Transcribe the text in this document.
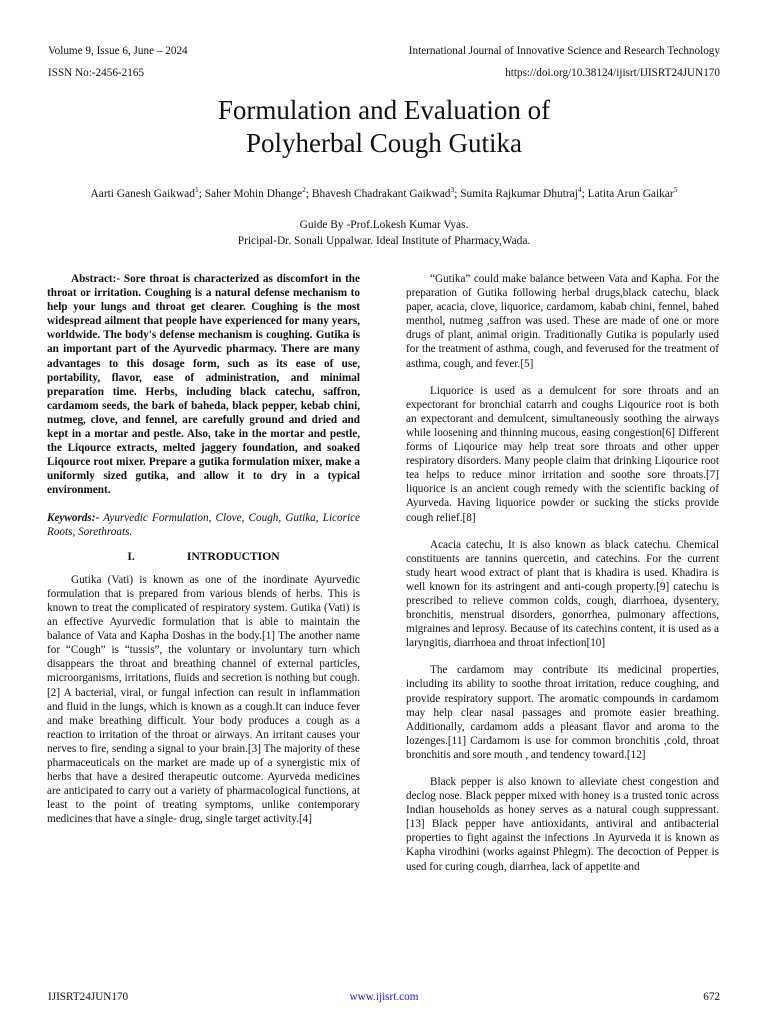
Volume 9, Issue 6, June – 2024	International Journal of Innovative Science and Research Technology
ISSN No:-2456-2165	https://doi.org/10.38124/ijisrt/IJISRT24JUN170
Formulation and Evaluation of
Polyherbal Cough Gutika
Aarti Ganesh Gaikwad$^1$; Saher Mohin Dhange$^2$; Bhavesh Chadrakant Gaikwad$^3$; Sumita Rajkumar Dhutraj$^4$; Latita Arun Gaikar$^5$
Guide By -Prof.Lokesh Kumar Vyas.
Pricipal-Dr. Sonali Uppalwar. Ideal Institute of Pharmacy,Wada.

Abstract:- Sore throat is characterized as discomfort in the throat or irritation. Coughing is a natural defense mechanism to help your lungs and throat get clearer. Coughing is the most widespread ailment that people have experienced for many years, worldwide. The body's defense mechanism is coughing. Gutika is an important part of the Ayurvedic pharmacy. There are many advantages to this dosage form, such as its ease of use, portability, flavor, ease of administration, and minimal preparation time. Herbs, including black catechu, saffron, cardamom seeds, the bark of baheda, black pepper, kebab chini, nutmeg, clove, and fennel, are carefully ground and dried and kept in a mortar and pestle. Also, take in the mortar and pestle, the Liqource extracts, melted jaggery foundation, and soaked Liqource root mixer. Prepare a gutika formulation mixer, make a uniformly sized gutika, and allow it to dry in a typical environment.

Keywords:- Ayurvedic Formulation, Clove, Cough, Gutika, Licorice Roots, Sorethroats.

I.	INTRODUCTION

Gutika (Vati) is known as one of the inordinate Ayurvedic formulation that is prepared from various blends of herbs. This is known to treat the complicated of respiratory system. Gutika (Vati) is an effective Ayurvedic formulation that is able to maintain the balance of Vata and Kapha Doshas in the body.[1] The another name for “Cough” is “tussis”, the voluntary or involuntary turn which disappears the throat and breathing channel of external particles, microorganisms, irritations, fluids and secretion is nothing but cough.[2] A bacterial, viral, or fungal infection can result in inflammation and fluid in the lungs, which is known as a cough.It can induce fever and make breathing difficult. Your body produces a cough as a reaction to irritation of the throat or airways. An irritant causes your nerves to fire, sending a signal to your brain.[3] The majority of these pharmaceuticals on the market are made up of a synergistic mix of herbs that have a desired therapeutic outcome. Ayurveda medicines are anticipated to carry out a variety of pharmacological functions, at least to the point of treating symptoms, unlike contemporary medicines that have a single- drug, single target activity.[4]

“Gutika” could make balance between Vata and Kapha. For the preparation of Gutika following herbal drugs,black catechu, black paper, acacia, clove, liquorice, cardamom, kabab chini, fennel, bahed menthol, nutmeg ,saffron was used. These are made of one or more drugs of plant, animal origin. Traditionally Gutika is popularly used for the treatment of asthma, cough, and feverused for the treatment of asthma, cough, and fever.[5]

Liquorice is used as a demulcent for sore throats and an expectorant for bronchial catarrh and coughs Liqourice root is both an expectorant and demulcent, simultaneously soothing the airways while loosening and thinning mucous, easing congestion[6] Different forms of Liqourice may help treat sore throats and other upper respiratory disorders. Many people claim that drinking Liqourice root tea helps to reduce minor irritation and soothe sore throats.[7] liquorice is an ancient cough remedy with the scientific backing of Ayurveda. Having liquorice powder or sucking the sticks provide cough relief.[8]

Acacia catechu, It is also known as black catechu. Chemical constituents are tannins quercetin, and catechins. For the current study heart wood extract of plant that is khadira is used. Khadira is well known for its astringent and anti-cough property.[9] catechu is prescribed to relieve common colds, cough, diarrhoea, dysentery, bronchitis, menstrual disorders, gonorrhea, pulmonary affections, migraines and leprosy. Because of its catechins content, it is used as a laryngitis, diarrhoea and throat infection[10]

The cardamom may contribute its medicinal properties, including its ability to soothe throat irritation, reduce coughing, and provide respiratory support. The aromatic compounds in cardamom may help clear nasal passages and promote easier breathing. Additionally, cardamom adds a pleasant flavor and aroma to the lozenges.[11] Cardamom is use for common bronchitis ,cold, throat bronchitis and sore mouth , and tendency toward.[12]

Black pepper is also known to alleviate chest congestion and declog nose. Black pepper mixed with honey is a trusted tonic across Indian households as honey serves as a natural cough suppressant.[13] Black pepper have antioxidants, antiviral and antibacterial properties to fight against the infections .In Ayurveda it is known as Kapha virodhini (works against Phlegm). The decoction of Pepper is used for curing cough, diarrhea, lack of appetite and

IJISRT24JUN170	www.ijisrt.com	672
